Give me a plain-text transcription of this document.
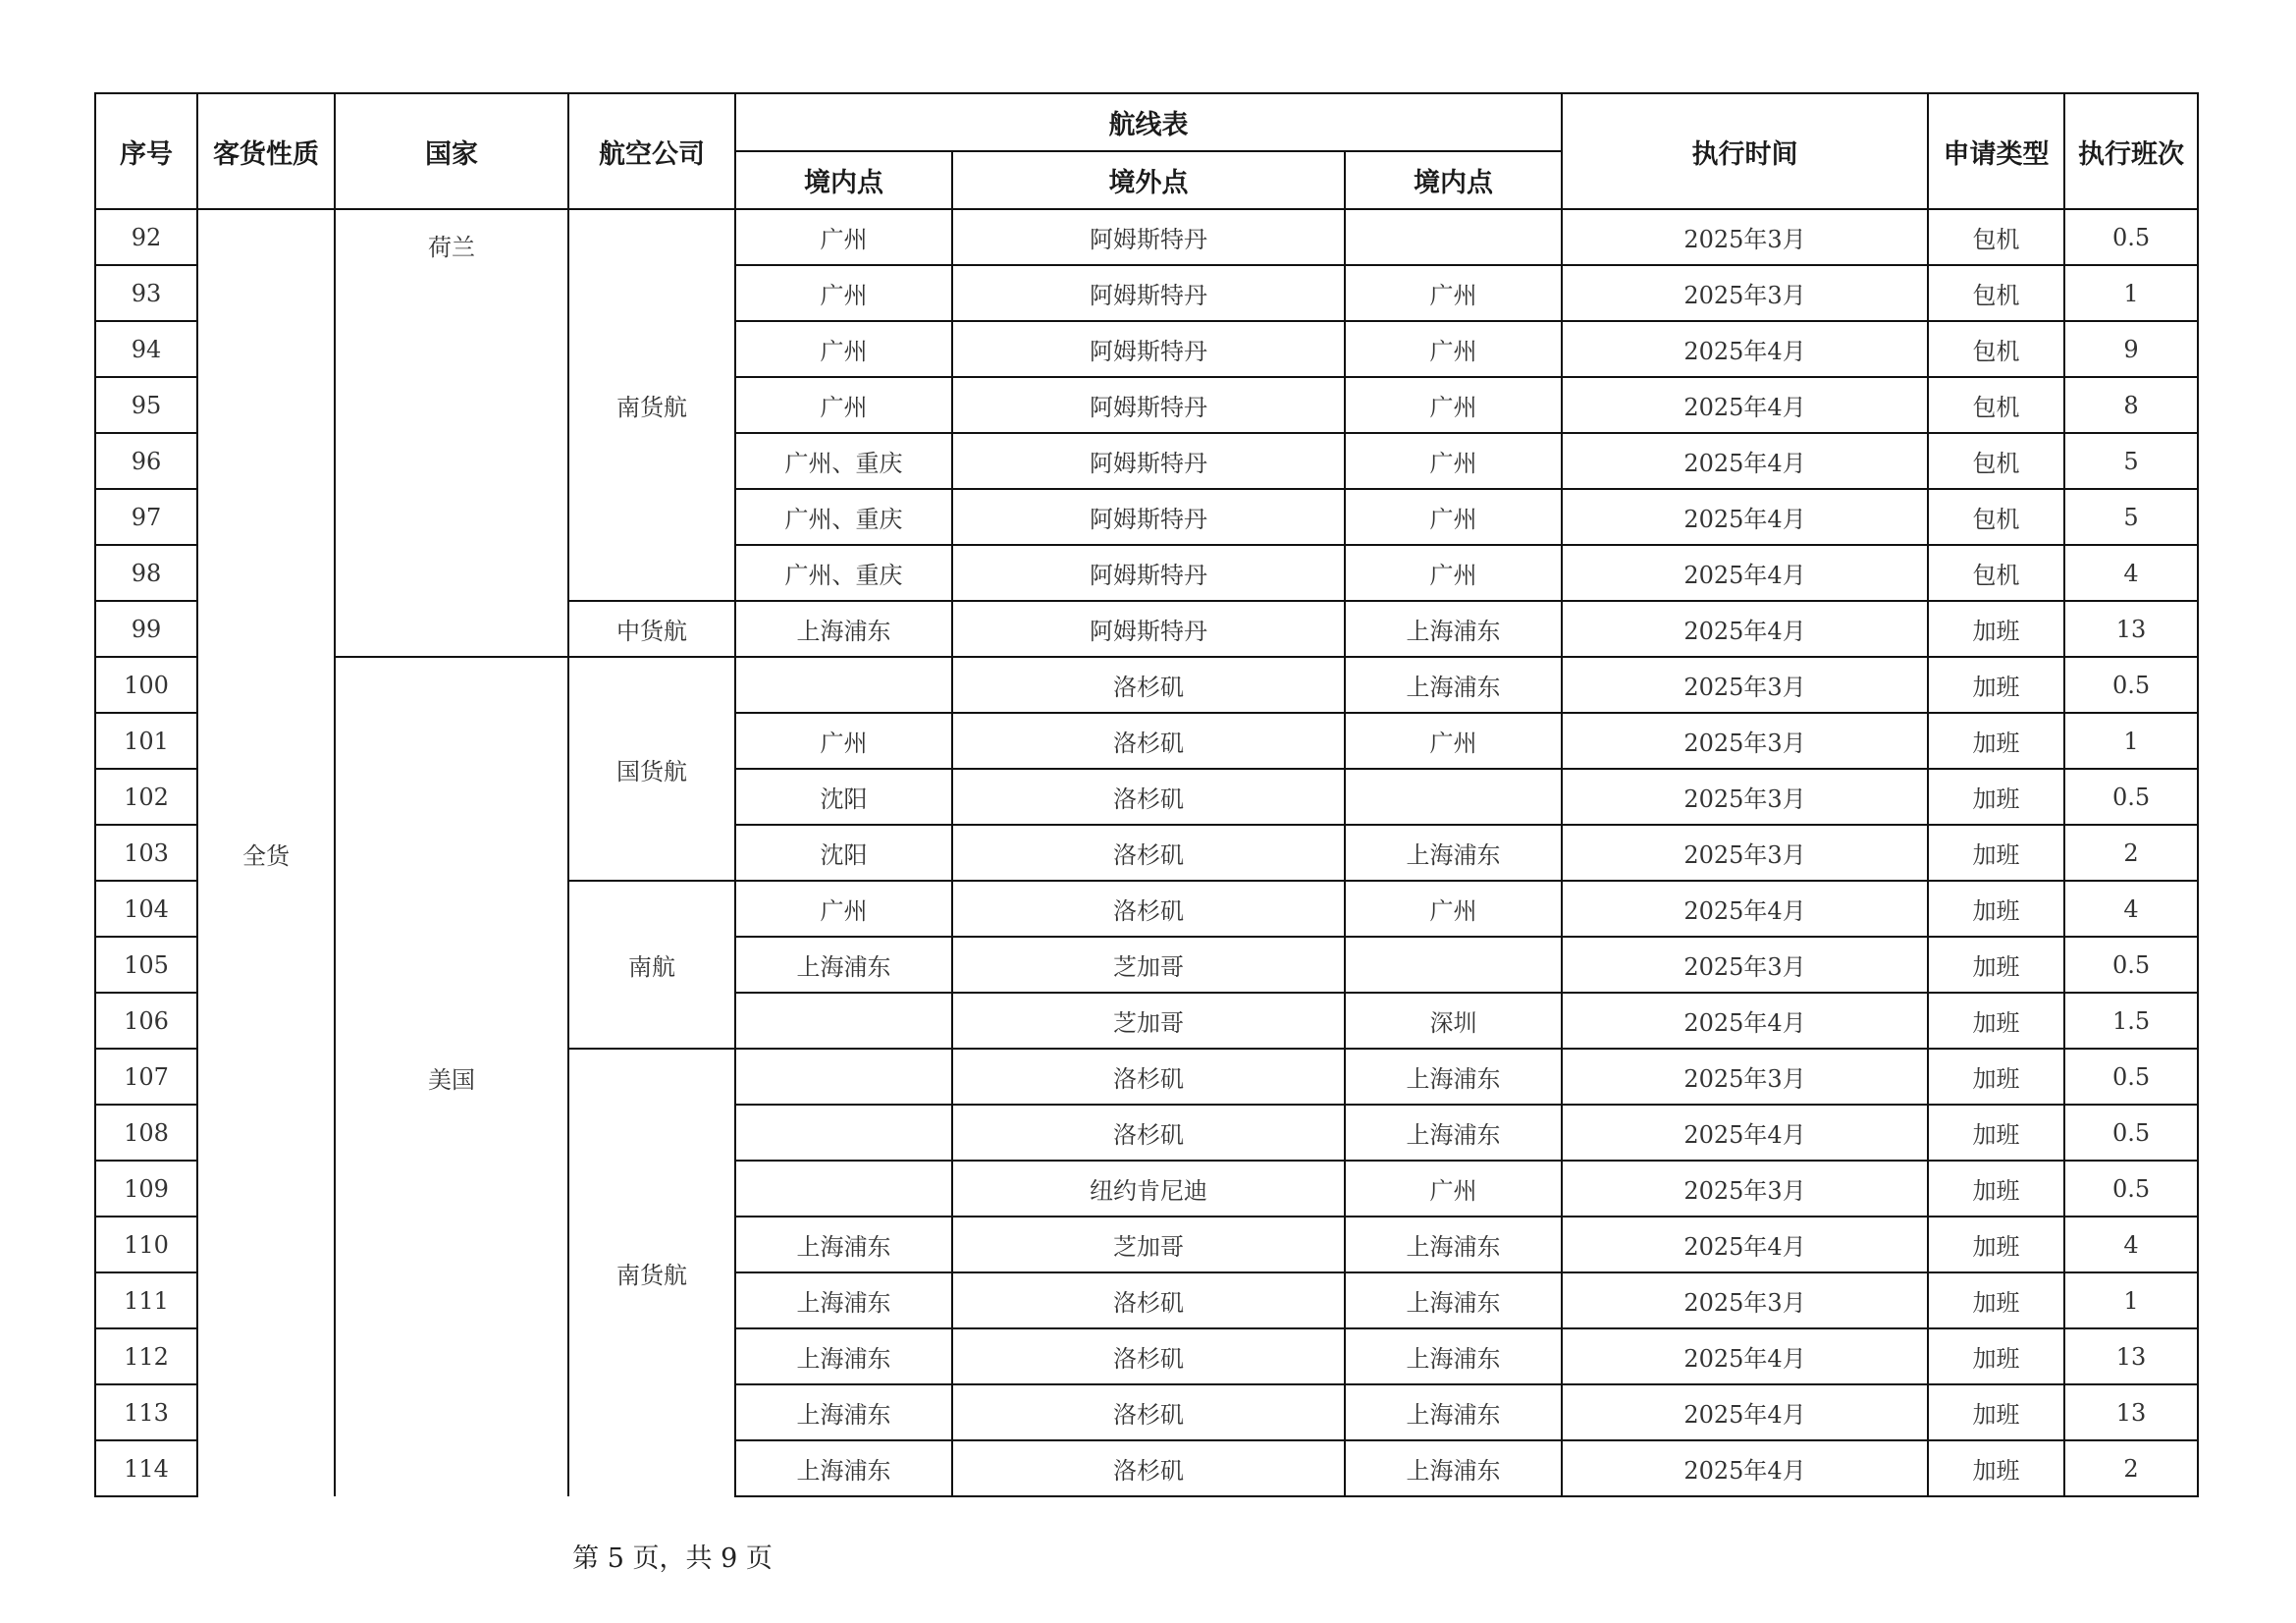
序号	客货性质	国家	航空公司	航线表			执行时间	申请类型	执行班次
				境内点	境外点	境内点			
92	全货	荷兰	南货航	广州	阿姆斯特丹		2025年3月	包机	0.5
93				广州	阿姆斯特丹	广州	2025年3月	包机	1
94				广州	阿姆斯特丹	广州	2025年4月	包机	9
95				广州	阿姆斯特丹	广州	2025年4月	包机	8
96				广州、重庆	阿姆斯特丹	广州	2025年4月	包机	5
97				广州、重庆	阿姆斯特丹	广州	2025年4月	包机	5
98				广州、重庆	阿姆斯特丹	广州	2025年4月	包机	4
99			中货航	上海浦东	阿姆斯特丹	上海浦东	2025年4月	加班	13
100		美国	国货航		洛杉矶	上海浦东	2025年3月	加班	0.5
101				广州	洛杉矶	广州	2025年3月	加班	1
102				沈阳	洛杉矶		2025年3月	加班	0.5
103				沈阳	洛杉矶	上海浦东	2025年3月	加班	2
104			南航	广州	洛杉矶	广州	2025年4月	加班	4
105				上海浦东	芝加哥		2025年3月	加班	0.5
106					芝加哥	深圳	2025年4月	加班	1.5
107			南货航		洛杉矶	上海浦东	2025年3月	加班	0.5
108					洛杉矶	上海浦东	2025年4月	加班	0.5
109					纽约肯尼迪	广州	2025年3月	加班	0.5
110				上海浦东	芝加哥	上海浦东	2025年4月	加班	4
111				上海浦东	洛杉矶	上海浦东	2025年3月	加班	1
112				上海浦东	洛杉矶	上海浦东	2025年4月	加班	13
113				上海浦东	洛杉矶	上海浦东	2025年4月	加班	13
114				上海浦东	洛杉矶	上海浦东	2025年4月	加班	2
第 5 页，共 9 页
